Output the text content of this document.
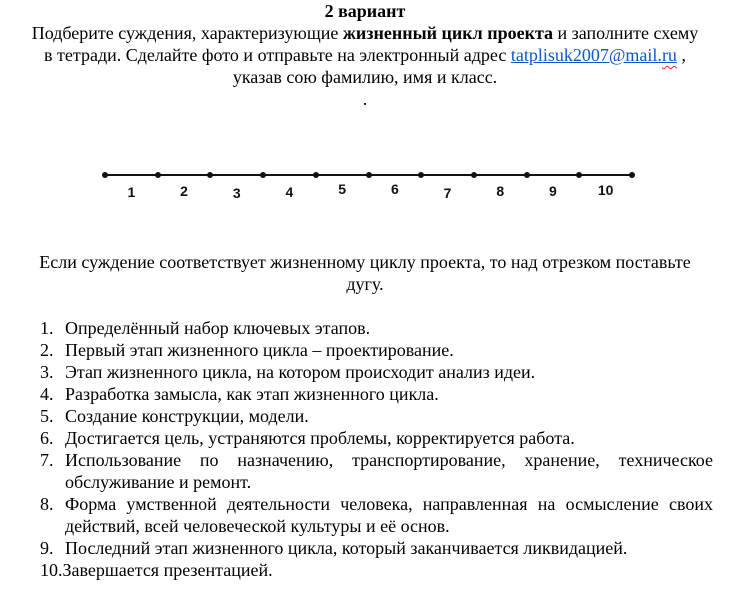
2 вариант
Подберите суждения, характеризующие жизненный цикл проекта и заполните схему
в тетради. Сделайте фото и отправьте на электронный адрес tatplisuk2007@mail.ru ,
указав сою фамилию, имя и класс.
.
1	2	3	4	5	6	7	8	9	10
Если суждение соответствует жизненному циклу проекта, то над отрезком поставьте
дугу.
1. Определённый набор ключевых этапов.
2. Первый этап жизненного цикла – проектирование.
3. Этап жизненного цикла, на котором происходит анализ идеи.
4. Разработка замысла, как этап жизненного цикла.
5. Создание конструкции, модели.
6. Достигается цель, устраняются проблемы, корректируется работа.
7. Использование по назначению, транспортирование, хранение, техническое
обслуживание и ремонт.
8. Форма умственной деятельности человека, направленная на осмысление своих
действий, всей человеческой культуры и её основ.
9. Последний этап жизненного цикла, который заканчивается ликвидацией.
10. Завершается презентацией.
